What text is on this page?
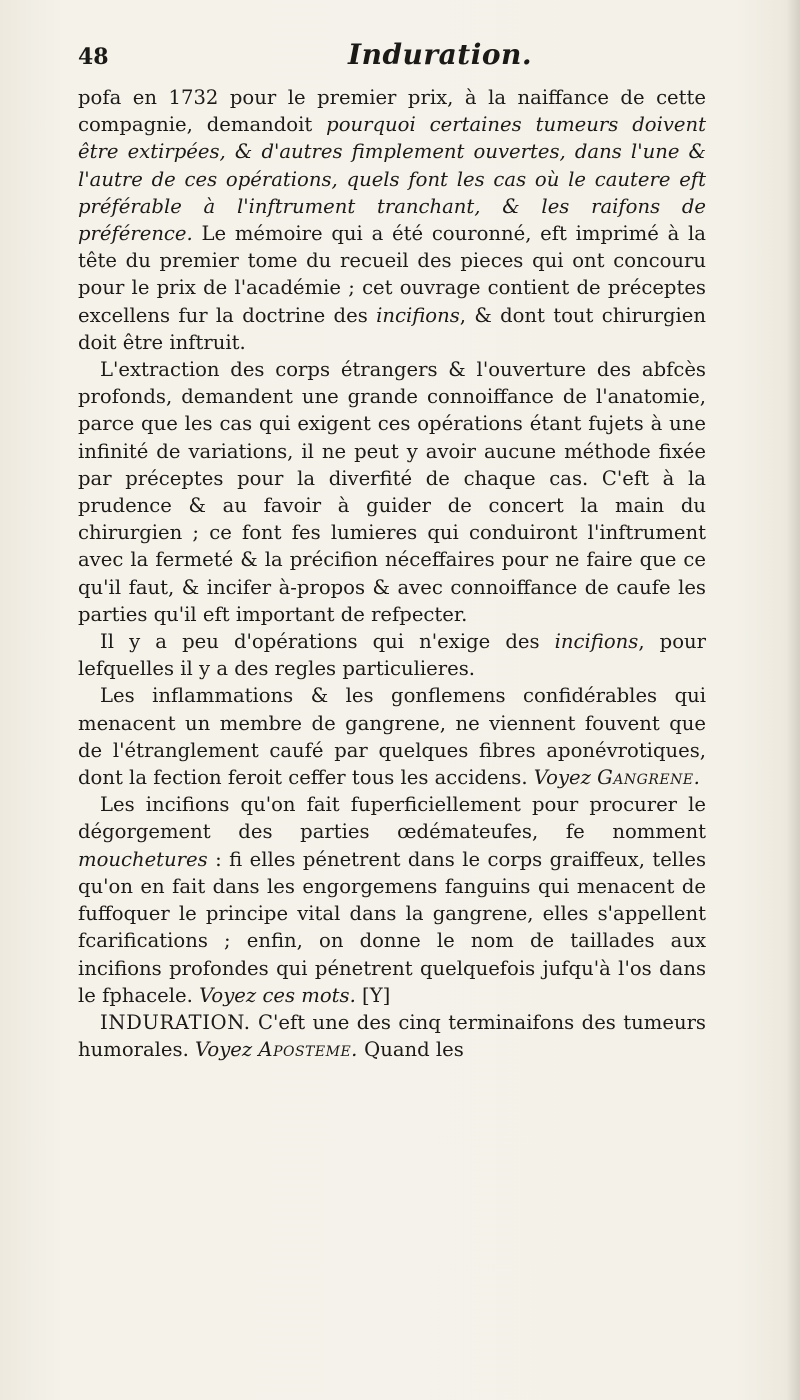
48	Induration.

pofa en 1732 pour le premier prix, à la naiffance de cette compagnie, demandoit pourquoi certaines tumeurs doivent être extirpées, & d'autres fimplement ouvertes, dans l'une & l'autre de ces opérations, quels font les cas où le cautere eft préférable à l'inftrument tranchant, & les raifons de préférence. Le mémoire qui a été couronné, eft imprimé à la tête du premier tome du recueil des pieces qui ont concouru pour le prix de l'académie ; cet ouvrage contient de préceptes excellens fur la doctrine des incifions, & dont tout chirurgien doit être inftruit.

L'extraction des corps étrangers & l'ouverture des abfcès profonds, demandent une grande connoiffance de l'anatomie, parce que les cas qui exigent ces opérations étant fujets à une infinité de variations, il ne peut y avoir aucune méthode fixée par préceptes pour la diverfité de chaque cas. C'eft à la prudence & au favoir à guider de concert la main du chirurgien ; ce font fes lumieres qui conduiront l'inftrument avec la fermeté & la précifion néceffaires pour ne faire que ce qu'il faut, & incifer à-propos & avec connoiffance de caufe les parties qu'il eft important de refpecter.

Il y a peu d'opérations qui n'exige des incifions, pour lefquelles il y a des regles particulieres.

Les inflammations & les gonflemens confidérables qui menacent un membre de gangrene, ne viennent fouvent que de l'étranglement caufé par quelques fibres aponévrotiques, dont la fection feroit ceffer tous les accidens. Voyez Gangrene.

Les incifions qu'on fait fuperficiellement pour procurer le dégorgement des parties œdémateufes, fe nomment mouchetures : fi elles pénetrent dans le corps graiffeux, telles qu'on en fait dans les engorgemens fanguins qui menacent de fuffoquer le principe vital dans la gangrene, elles s'appellent fcarifications ; enfin, on donne le nom de taillades aux incifions profondes qui pénetrent quelquefois jufqu'à l'os dans le fphacele. Voyez ces mots. [Y]

INDURATION. C'eft une des cinq terminaifons des tumeurs humorales. Voyez Aposteme. Quand les
